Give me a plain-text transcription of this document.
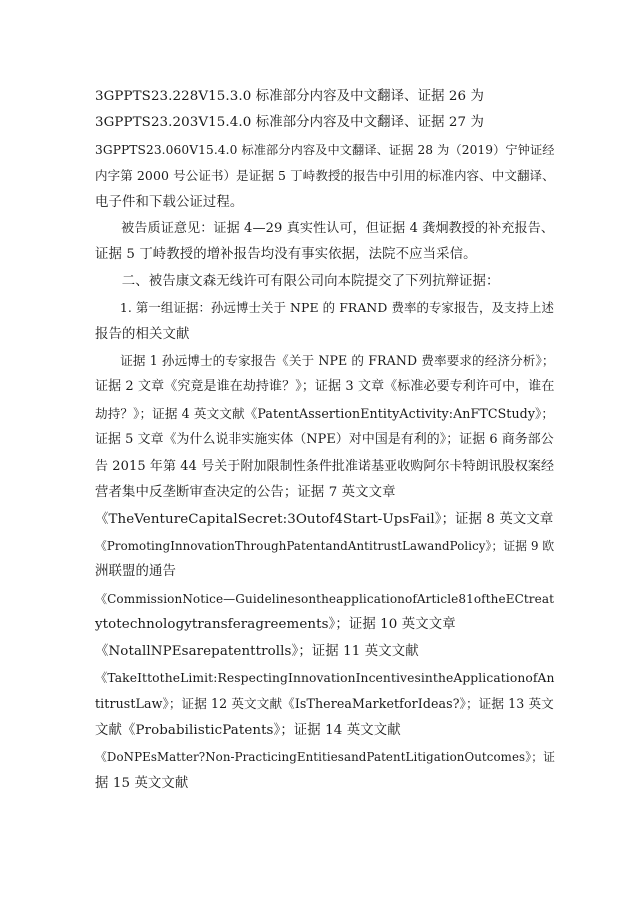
3GPPTS23.228V15.3.0 标准部分内容及中文翻译、证据 26 为
3GPPTS23.203V15.4.0 标准部分内容及中文翻译、证据 27 为
3GPPTS23.060V15.4.0 标准部分内容及中文翻译、证据 28 为（2019）宁钟证经
内字第 2000 号公证书）是证据 5 丁峙教授的报告中引用的标准内容、中文翻译、
电子件和下载公证过程。

被告质证意见：证据 4—29 真实性认可，但证据 4 龚炯教授的补充报告、
证据 5 丁峙教授的增补报告均没有事实依据，法院不应当采信。

二、被告康文森无线许可有限公司向本院提交了下列抗辩证据：

1. 第一组证据：孙远博士关于 NPE 的 FRAND 费率的专家报告，及支持上述
报告的相关文献

证据 1 孙远博士的专家报告《关于 NPE 的 FRAND 费率要求的经济分析》；
证据 2 文章《究竟是谁在劫持谁？》；证据 3 文章《标准必要专利许可中，谁在
劫持？》；证据 4 英文文献《PatentAssertionEntityActivity:AnFTCStudy》；
证据 5 文章《为什么说非实施实体（NPE）对中国是有利的》；证据 6 商务部公
告 2015 年第 44 号关于附加限制性条件批准诺基亚收购阿尔卡特朗讯股权案经
营者集中反垄断审查决定的公告；证据 7 英文文章
《TheVentureCapitalSecret:3Outof4Start-UpsFail》；证据 8 英文文章
《PromotingInnovationThroughPatentandAntitrustLawandPolicy》；证据 9 欧
洲联盟的通告
《CommissionNotice—GuidelinesontheapplicationofArticle81oftheECtreat
ytotechnologytransferagreements》；证据 10 英文文章
《NotallNPEsarepatenttrolls》；证据 11 英文文献
《TakeIttotheLimit:RespectingInnovationIncentivesintheApplicationofAn
titrustLaw》；证据 12 英文文献《IsThereaMarketforIdeas?》；证据 13 英文
文献《ProbabilisticPatents》；证据 14 英文文献
《DoNPEsMatter?Non-PracticingEntitiesandPatentLitigationOutcomes》；证
据 15 英文文献
